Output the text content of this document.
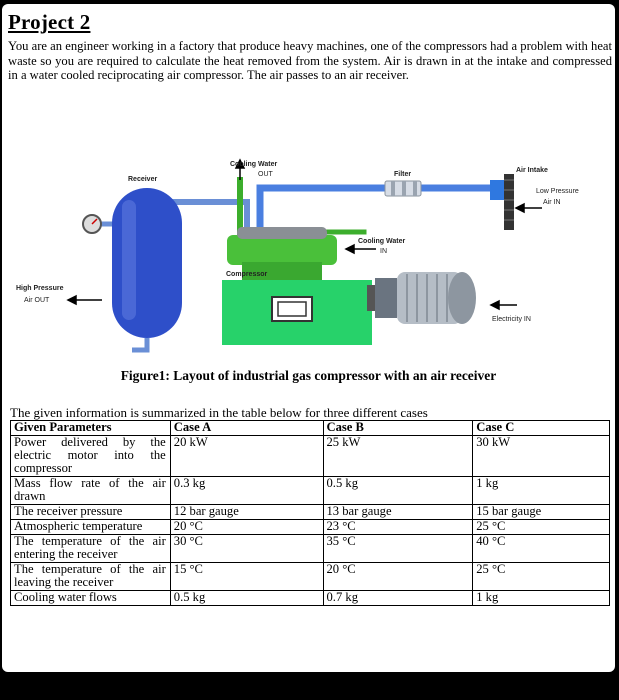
Project 2
You are an engineer working in a factory that produce heavy machines, one of the compressors had a problem with heat waste so you are required to calculate the heat removed from the system. Air is drawn in at the intake and compressed in a water cooled reciprocating air compressor. The air passes to an air receiver.
Receiver
Cooling Water
OUT	Filter
Air Intake
Low Pressure
Air IN
Cooling Water
IN
Compressor
High Pressure
Air OUT
Electricity IN
Figure1: Layout of industrial gas compressor with an air receiver
The given information is summarized in the table below for three different cases
Given Parameters	Case A	Case B	Case C
Power delivered by the electric motor into the compressor	20 kW	25 kW	30 kW
Mass flow rate of the air drawn	0.3 kg	0.5 kg	1 kg
The receiver pressure	12 bar gauge	13 bar gauge	15 bar gauge
Atmospheric temperature	20 °C	23 °C	25 °C
The temperature of the air entering the receiver	30 °C	35 °C	40 °C
The temperature of the air leaving the receiver	15 °C	20 °C	25 °C
Cooling water flows	0.5 kg	0.7 kg	1 kg
